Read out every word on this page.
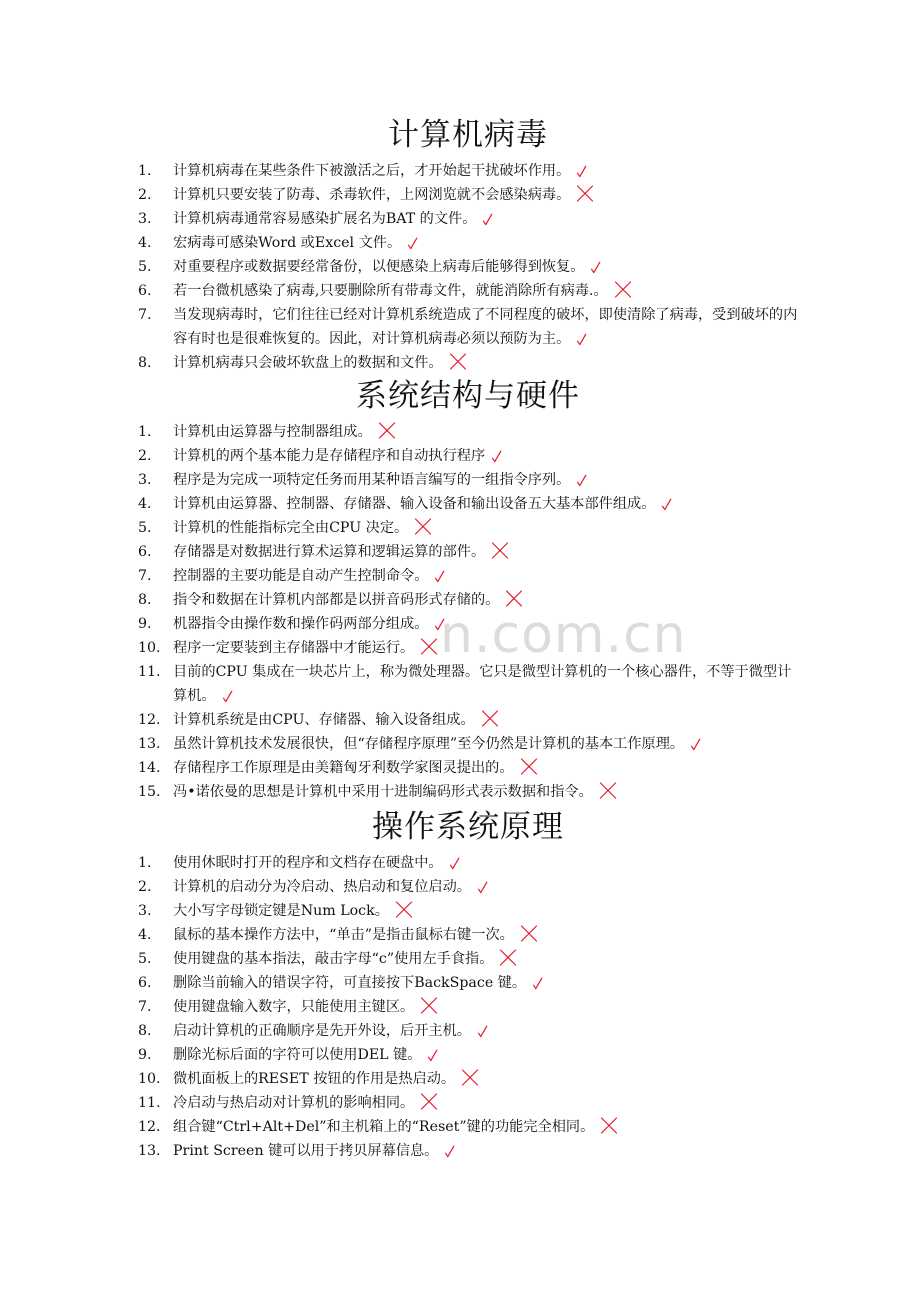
n.com.cn
计算机病毒
1.	计算机病毒在某些条件下被激活之后，才开始起干扰破坏作用。
2.	计算机只要安装了防毒、杀毒软件，上网浏览就不会感染病毒。
3.	计算机病毒通常容易感染扩展名为BAT 的文件。
4.	宏病毒可感染Word 或Excel 文件。
5.	对重要程序或数据要经常备份，以便感染上病毒后能够得到恢复。
6.	若一台微机感染了病毒,只要删除所有带毒文件，就能消除所有病毒.。
7.	当发现病毒时，它们往往已经对计算机系统造成了不同程度的破坏，即使清除了病毒，受到破坏的内容有时也是很难恢复的。因此，对计算机病毒必须以预防为主。
8.	计算机病毒只会破坏软盘上的数据和文件。
系统结构与硬件
1.	计算机由运算器与控制器组成。
2.	计算机的两个基本能力是存储程序和自动执行程序
3.	程序是为完成一项特定任务而用某种语言编写的一组指令序列。
4.	计算机由运算器、控制器、存储器、输入设备和输出设备五大基本部件组成。
5.	计算机的性能指标完全由CPU 决定。
6.	存储器是对数据进行算术运算和逻辑运算的部件。
7.	控制器的主要功能是自动产生控制命令。
8.	指令和数据在计算机内部都是以拼音码形式存储的。
9.	机器指令由操作数和操作码两部分组成。
10. 程序一定要装到主存储器中才能运行。
11. 目前的CPU 集成在一块芯片上，称为微处理器。它只是微型计算机的一个核心器件，不等于微型计算机。
12. 计算机系统是由CPU、存储器、输入设备组成。
13. 虽然计算机技术发展很快，但“存储程序原理”至今仍然是计算机的基本工作原理。
14. 存储程序工作原理是由美籍匈牙利数学家图灵提出的。
15. 冯•诺依曼的思想是计算机中采用十进制编码形式表示数据和指令。
操作系统原理
1.	使用休眠时打开的程序和文档存在硬盘中。
2.	计算机的启动分为冷启动、热启动和复位启动。
3.	大小写字母锁定键是Num Lock。
4.	鼠标的基本操作方法中，“单击”是指击鼠标右键一次。
5.	使用键盘的基本指法，敲击字母“c”使用左手食指。
6.	删除当前输入的错误字符，可直接按下BackSpace 键。
7.	使用键盘输入数字，只能使用主键区。
8.	启动计算机的正确顺序是先开外设，后开主机。
9.	删除光标后面的字符可以使用DEL 键。
10. 微机面板上的RESET 按钮的作用是热启动。
11. 冷启动与热启动对计算机的影响相同。
12. 组合键“Ctrl+Alt+Del”和主机箱上的“Reset”键的功能完全相同。
13. Print Screen 键可以用于拷贝屏幕信息。
